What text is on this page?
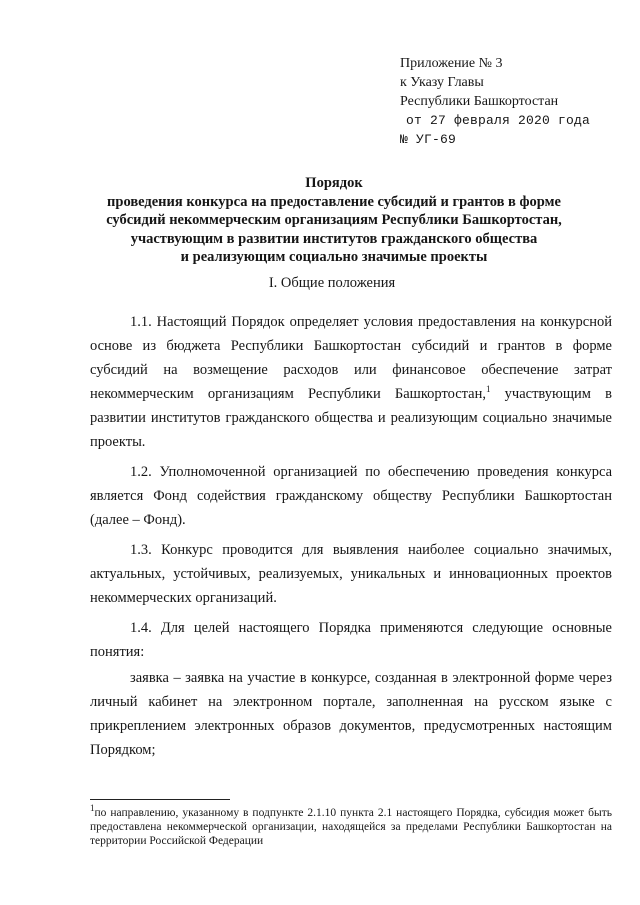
Приложение № 3
к Указу Главы
Республики Башкортостан
от 27 февраля 2020 года
№ УГ-69
Порядок
проведения конкурса на предоставление субсидий и грантов в форме
субсидий некоммерческим организациям Республики Башкортостан,
участвующим в развитии институтов гражданского общества
и реализующим социально значимые проекты
I. Общие положения

1.1. Настоящий Порядок определяет условия предоставления на конкурсной основе из бюджета Республики Башкортостан субсидий и грантов в форме субсидий на возмещение расходов или финансовое обеспечение затрат некоммерческим организациям Республики Башкортостан,$^1$ участвующим в развитии институтов гражданского общества и реализующим социально значимые проекты.

1.2. Уполномоченной организацией по обеспечению проведения конкурса является Фонд содействия гражданскому обществу Республики Башкортостан (далее – Фонд).

1.3. Конкурс проводится для выявления наиболее социально значимых, актуальных, устойчивых, реализуемых, уникальных и инновационных проектов некоммерческих организаций.

1.4. Для целей настоящего Порядка применяются следующие основные понятия:

заявка – заявка на участие в конкурсе, созданная в электронной форме через личный кабинет на электронном портале, заполненная на русском языке с прикреплением электронных образов документов, предусмотренных настоящим Порядком;

$^1$по направлению, указанному в подпункте 2.1.10 пункта 2.1 настоящего Порядка, субсидия может быть предоставлена некоммерческой организации, находящейся за пределами Республики Башкортостан на территории Российской Федерации
